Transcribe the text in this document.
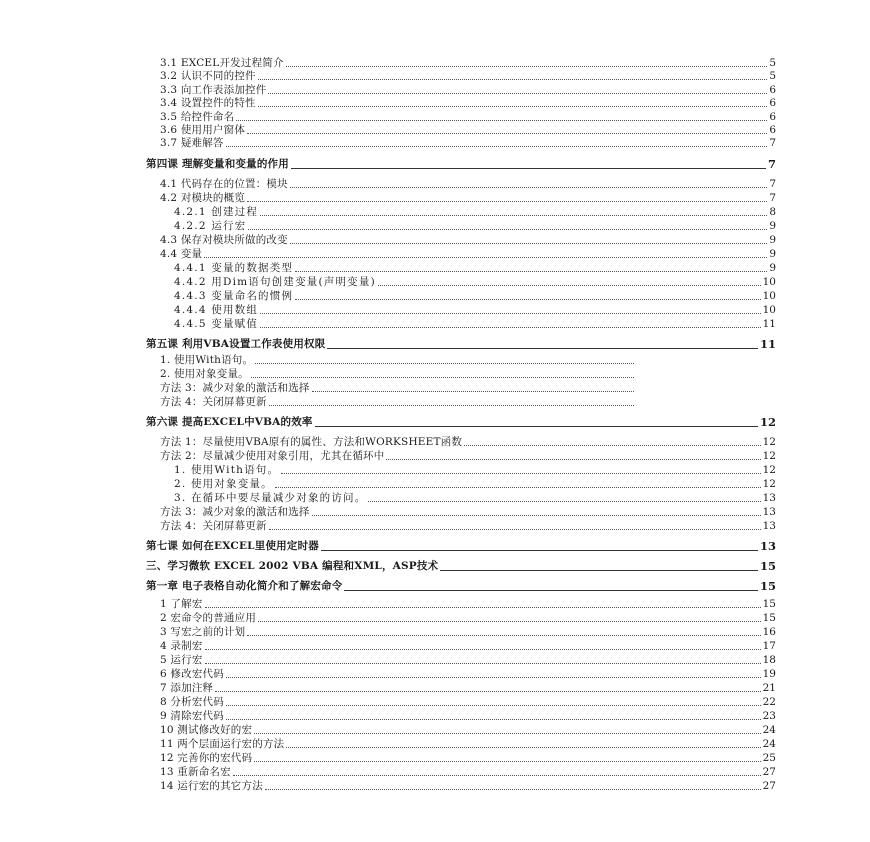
3.1 EXCEL开发过程简介	5
3.2 认识不同的控件	5
3.3 向工作表添加控件	6
3.4 设置控件的特性	6
3.5 给控件命名	6
3.6 使用用户窗体	6
3.7 疑难解答	7
第四课 理解变量和变量的作用	7
4.1 代码存在的位置：模块	7
4.2 对模块的概览	7
4.2.1 创建过程	8
4.2.2 运行宏	9
4.3 保存对模块所做的改变	9
4.4 变量	9
4.4.1 变量的数据类型	9
4.4.2 用Dim语句创建变量(声明变量)	10
4.4.3 变量命名的惯例	10
4.4.4 使用数组	10
4.4.5 变量赋值	11
第五课 利用VBA设置工作表使用权限	11
1. 使用With语句。
2. 使用对象变量。
方法 3：减少对象的激活和选择
方法 4：关闭屏幕更新
第六课 提高EXCEL中VBA的效率	12
方法 1：尽量使用VBA原有的属性、方法和WORKSHEET函数	12
方法 2：尽量减少使用对象引用，尤其在循环中	12
1. 使用With语句。	12
2. 使用对象变量。	12
3. 在循环中要尽量减少对象的访问。	13
方法 3：减少对象的激活和选择	13
方法 4：关闭屏幕更新	13
第七课 如何在EXCEL里使用定时器	13
三、学习微软 EXCEL 2002 VBA 编程和XML，ASP技术	15
第一章 电子表格自动化简介和了解宏命令	15
1 了解宏	15
2 宏命令的普通应用	15
3 写宏之前的计划	16
4 录制宏	17
5 运行宏	18
6 修改宏代码	19
7 添加注释	21
8 分析宏代码	22
9 清除宏代码	23
10 测试修改好的宏	24
11 两个层面运行宏的方法	24
12 完善你的宏代码	25
13 重新命名宏	27
14 运行宏的其它方法	27
